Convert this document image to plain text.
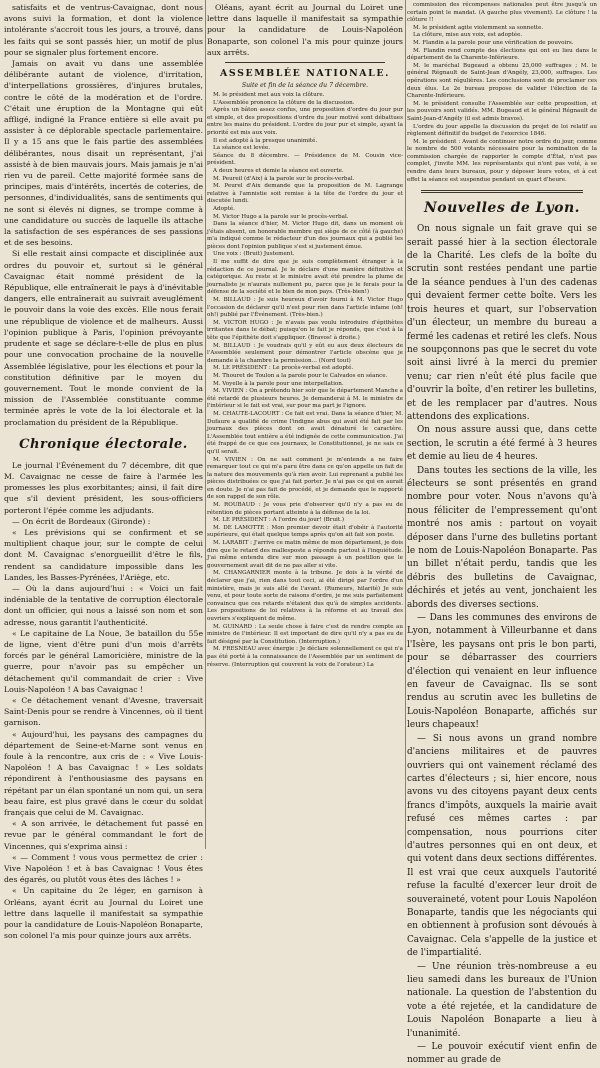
satisfaits et de ventrus-Cavaignac, dont nous avons suivi la formation, et dont la violence intolérante s'accroit tous les jours, a trouvé, dans les faits qui se sont passés hier, un motif de plus pour se signaler plus fortement encore.

Jamais on avait vu dans une assemblée délibérante autant de violence, d'irritation, d'interpellations grossières, d'injures brutales, contre le côté de la modération et de l'ordre. C'était une éruption de la Montagne qui eût affligé, indigné la France entière si elle avait pu assister à ce déplorable spectacle parlementaire. Il y a 15 ans que le fais partie des assemblées délibérantes, nous disait un représentant, j'ai assisté à de bien mauvais jours. Mais jamais je n'ai rien vu de pareil. Cette majorité formée sans de principes, mais d'intérêts, incertés de coteries, de personnes, d'individualités, sans de sentiments qui ne sont si élevés ni dignes, se trompe comme à une candidature ou succès de laquelle ils attache la satisfaction de ses espérances de ses passions et de ses besoins.

Si elle restait ainsi compacte et disciplinée aux ordres du pouvoir et, surtout si le général Cavaignac était nommé président de la République, elle entraînerait le pays à d'inévitable dangers, elle entraînerait au suivrait aveuglément le pouvoir dans la voie des excès. Elle nous ferait une république de violence et de malheurs. Aussi l'opinion publique à Paris, l'opinion prévoyante prudente et sage se déclare-t-elle de plus en plus pour une convocation prochaine de la nouvelle Assemblée législative, pour les élections et pour la constitution définitive par le moyen du gouvernement. Tout le monde convient de la mission de l'Assemblée constituante comme terminée après le vote de la loi électorale et la proclamation du président de la République.

Chronique électorale.

Le journal l'Événement du 7 décembre, dit que M. Cavaignac ne cesse de faire à l'armée les promesses les plus exorbitantes; ainsi, il fait dire que s'il devient président, les sous-officiers porteront l'épée comme les adjudants.

— On écrit de Bordeaux (Gironde) :

« Les prévisions qui se confirment et se multiplient chaque jour, sur le compte de celui dont M. Cavaignac s'enorgueillit d'être le fils, rendent sa candidature impossible dans les Landes, les Basses-Pyrénées, l'Ariège, etc.

— Où la dans aujourd'hui : « Voici un fait indéniable de la tentative de corruption électorale dont un officier, qui nous a laissé son nom et son adresse, nous garantit l'authenticité.

« Le capitaine de La Noue, 3e bataillon du 55e de ligne, vient d'être puni d'un mois d'arrêts forcés par le général Lamoricière, ministre de la guerre, pour n'avoir pas su empêcher un détachement qu'il commandait de crier : Vive Louis-Napoléon ! A bas Cavaignac !

« Ce détachement venant d'Avesne, traversait Saint-Denis pour se rendre à Vincennes, où il tient garnison.

« Aujourd'hui, les paysans des campagnes du département de Seine-et-Marne sont venus en foule à la rencontre, aux cris de : « Vive Louis-Napoléon ! A bas Cavaignac ! » Les soldats répondirent à l'enthousiasme des paysans en répétant par un élan spontané un nom qui, un sera beau faire, est plus gravé dans le cœur du soldat français que celui de M. Cavaignac.

« A son arrivée, le détachement fut passé en revue par le général commandant le fort de Vincennes, qui s'exprima ainsi :

« — Comment ! vous vous permettez de crier : Vive Napoléon ! et à bas Cavaignac ! Vous êtes des égarés, ou plutôt vous êtes des lâches ! »

« Un capitaine du 2e léger, en garnison à Orléans, ayant écrit au Journal du Loiret une lettre dans laquelle il manifestait sa sympathie pour la candidature de Louis-Napoléon Bonaparte, son colonel l'a mis pour quinze jours aux arrêts.

Oléans, ayant écrit au Journal du Loiret une lettre dans laquelle il manifestait sa sympathie pour la candidature de Louis-Napoléon Bonaparte, son colonel l'a mis pour quinze jours aux arrêts.

ASSEMBLÉE NATIONALE.
Suite et fin de la séance du 7 décembre.

M. le président met aux voix la clôture.

L'Assemblée prononce la clôture de la discussion.

Après un bâton assez confus, une proposition d'ordre du jour pur et simple, et des propositions d'ordre du jour motivé sont débattues entre les mains du président. L'ordre du jour pur et simple, ayant la priorité est mis aux voix.

Il est adopté à la presque unanimité.

La séance est levée.

Séance du 8 décembre. — Présidence de M. Cousin vice-président.

A deux heures et demie la séance est ouverte.

M. Peureil (d'Aix) à la parole sur le procès-verbal.

M. Peurel d'Aix demande que la proposition de M. Lagrange relative à l'amnistie soit remise à la tête de l'ordre du jour et discutée lundi.

Adopté.

M. Victor Hugo a la parole sur le procès-verbal.

Dans la séance d'hier, M. Victor Hugo dit, dans un moment où j'étais absent, un honorable membre qui siège de ce côté (à gauche) m'a indiqué comme le rédacteur d'un des journaux qui a publié les pièces dont l'opinion publique s'est si justement émue.

Une voix : (Bruit) Justement.

Il me suffit de dire que je suis complètement étranger à la rédaction de ce journal. Je le déclare d'une manière définitive et catégorique. Au reste si le ministre avait été prendre la plume de journaliste je n'aurais nullement pu, parce que je le ferais pour la défense de la société et le bien de mon pays. (Très-bien!)

M. BILLAUD : Je suis heureux d'avoir fourni à M. Victor Hugo l'occasion de déclarer qu'il n'est pour rien dans l'article infame (oh! oh!) publié par l'Événement. (Très-bien.)

M. VICTOR HUGO : Je n'avais pas voulu introduire d'épithètes irritantes dans le débat; puisqu'on le fait je réponds, que c'est à la tête que l'épithète doit s'appliquer. (Bravos! à droite.)

M. BILLAUD : Je voudrais qu'il y eût eu aux deux électeurs de l'Assemblée seulement pour démontrer l'article obscène que je demande à la chambre la permission... (Nord tout)

M. LE PRÉSIDENT : Le procès-verbal est adopté.

M. Thouret de Toulon a la parole pour le Calvados en séance.

M. Voyelle à la parole pour une interpellation.

M. VIVIEN : On a prétendu hier soir que le département Manche a été retardé de plusieurs heures. Je demanderai à M. le ministre de l'intérieur si le fait est vrai, sur pour ma part je l'ignore.

M. CHAUTE-LACOURT : Ce fait est vrai. Dans la séance d'hier, M. Dufaure a qualifié de crime l'indigne abus qui avait été fait par les journaux des pièces dont on avait dénaturé le caractère. L'Assemblée tout entière a été indignée de cette communication. J'ai été frappé de ce que ces journaux, le Constitutionnel, je ne sais ce qu'il serait.

M. VIVIEN : On ne sait comment je m'entends a ne faire remarquer tout ce qui m'a paru être dans ce qu'on appelle un fait de la nature des mouvements qu'à rien avoir. Lui reprenant a publié les pièces distribuées ce que j'ai fait porter. Je n'ai pas ce qui en aurait en doute. Je n'ai pas fait de procédé, et je demande que le rapporté de son rappel de son rôle.

M. ROUBAUD : Je vous prie d'observer qu'il n'y a pas eu de rétention de pièces portant atteinte à la défense de la loi.

M. LE PRÉSIDENT : A l'ordre du jour! (Bruit.)

M. DE LAMOTTE : Mon premier devoir était d'obéir à l'autorité supérieure, qui était quelque temps après qu'on ait fait son poste.

M. LARABIT : J'arrive ce matin même de mon département, je dois dire que le retard des mallesposte a répondu partout à l'inquiétude. J'ai même entendu dire sur mon passage à un postillon que le gouvernement avait dit de ne pas aller si vite.

M. CHANGARNIER monte à la tribune. Je dois à la vérité de déclarer que j'ai, rien dans tout ceci, ai été dirigé par l'ordre d'un ministère, mais je suis allé de l'avant. (Rumeurs, hilarité) Je suis venu, et pour toute sorte de raisons d'ordre, je me suis parfaitement convaincu que ces retards n'étaient dus qu'à de simples accidents. Les propositions de loi relatives à la réforme et au travail des ouvriers s'expliquent de même.

M. GUINARD : La seule chose à faire c'est de rendre compte au ministre de l'intérieur. Il est important de dire qu'il n'y a pas eu de fait désigné par la Constitution. (Interruption.)

M. FRESNEAU avec énergie : Je déclare solennellement ce qui n'a pas été porté à la connaissance de l'Assemblée par un sentiment de réserve. (Interruption qui couvrent la voix de l'orateur.) La

commission des récompenses nationales peut être jusqu'à un certain point le mandat. (A gauche plus vivement). Le clôture ! la clôture !!

M. le président agite violemment sa sonnette.

La clôture, mise aux voix, est adoptée.

M. Flandin a la parole pour une vérification de pouvoirs.

M. Flandin rend compte des élections qui ont eu lieu dans le département de la Charente-Inférieure.

M. le maréchal Bugeaud a obtenu 25,000 suffrages ; M. le général Régnault de Saint-Jean d'Angély, 23,000, suffrages. Les opérations sont régulières. Les conclusions sont de proclamer ces deux élus. Le 2e bureau propose de valider l'élection de la Charente-Inférieure.

M. le président consulte l'Assemblée sur cette proposition, et les pouvoirs sont validés. MM. Bugeaud et le général Régnault de Saint-Jean-d'Angély (il est admis bravos).

L'ordre du jour appelle la discussion du projet de loi relatif au règlement définitif du budget de l'exercice 1846.

M. le président : Avant de continuer notre ordre du jour, comme le nombre de 500 votants nécessaire pour la nomination de la commission chargée de rapporter le compte d'État, n'est pas complet, j'invite MM. les représentants qui n'ont pas voté, à se rendre dans leurs bureaux, pour y déposer leurs votes, et à cet effet la séance est suspendue pendant un quart d'heure.

Nouvelles de Lyon.

On nous signale un fait grave qui se serait passé hier à la section électorale de la Charité. Les clefs de la boîte du scrutin sont restées pendant une partie de la séance pendues à l'un des cadenas qui devaient fermer cette boîte. Vers les trois heures et quart, sur l'observation d'un électeur, un membre du bureau a fermé les cadenas et retiré les clefs. Nous ne soupçonnons pas que le secret du vote soit ainsi livré à la merci du premier venu; car rien n'eût été plus facile que d'ouvrir la boîte, d'en retirer les bulletins, et de les remplacer par d'autres. Nous attendons des explications.

On nous assure aussi que, dans cette section, le scrutin a été fermé à 3 heures et demie au lieu de 4 heures.

Dans toutes les sections de la ville, les électeurs se sont présentés en grand nombre pour voter. Nous n'avons qu'à nous féliciter de l'empressement qu'ont montré nos amis : partout on voyait déposer dans l'urne des bulletins portant le nom de Louis-Napoléon Bonaparte. Pas un billet n'était perdu, tandis que les débris des bulletins de Cavaignac, déchirés et jetés au vent, jonchaient les abords des diverses sections.

— Dans les communes des environs de Lyon, notamment à Villeurbanne et dans l'Isère, les paysans ont pris le bon parti, pour se débarrasser des courriers d'élection qui venaient en leur influence en faveur de Cavaignac. Ils se sont rendus au scrutin avec les bulletins de Louis-Napoléon Bonaparte, affichés sur leurs chapeaux!

— Si nous avons un grand nombre d'anciens militaires et de pauvres ouvriers qui ont vainement réclamé des cartes d'électeurs ; si, hier encore, nous avons vu des citoyens payant deux cents francs d'impôts, auxquels la mairie avait refusé ces mêmes cartes : par compensation, nous pourrions citer d'autres personnes qui en ont deux, et qui votent dans deux sections différentes. Il est vrai que ceux auxquels l'autorité refuse la faculté d'exercer leur droit de souveraineté, votent pour Louis Napoléon Bonaparte, tandis que les négociants qui en obtiennent à profusion sont dévoués à Cavaignac. Cela s'appelle de la justice et de l'impartialité.

— Une réunion très-nombreuse a eu lieu samedi dans les bureaux de l'Union nationale. La question de l'abstention du vote a été rejetée, et la candidature de Louis Napoléon Bonaparte a lieu à l'unanimité.

— Le pouvoir exécutif vient enfin de nommer au grade de
